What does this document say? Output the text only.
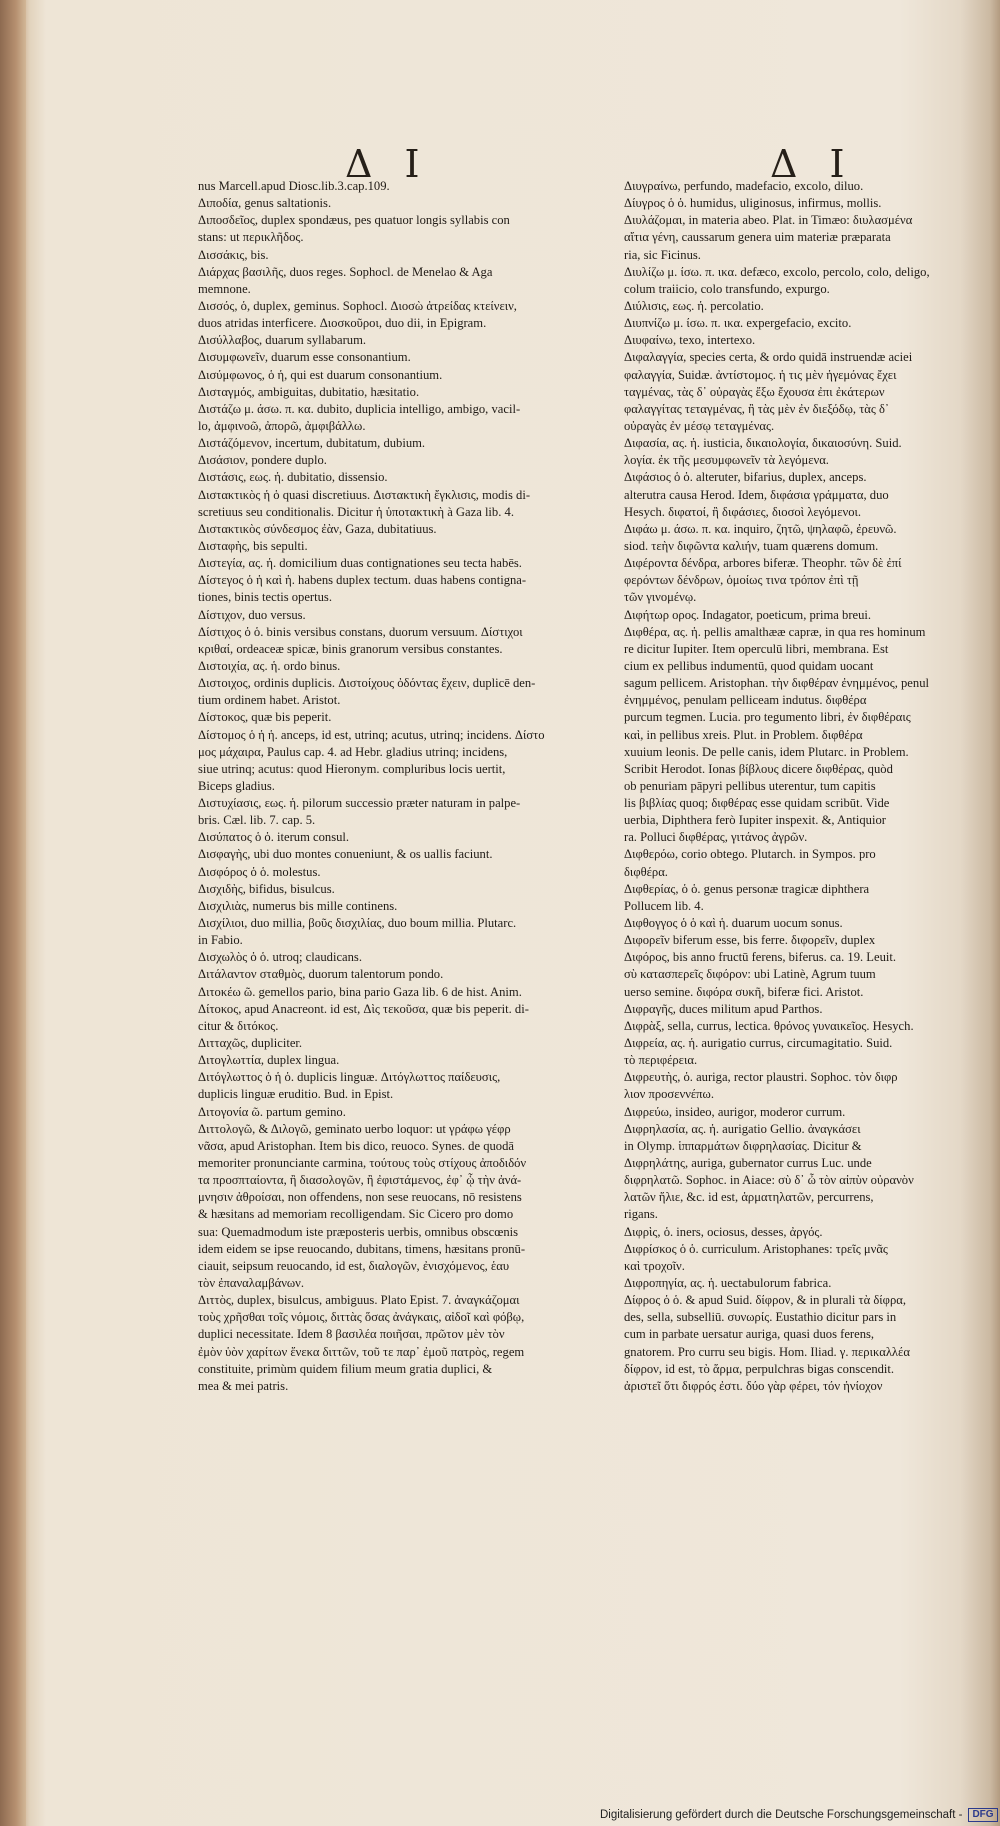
Δ Ι	Δ Ι
nus Marcell.apud Diosc.lib.3.cap.109.
Διποδία, genus saltationis.
Διποσδεῖος, duplex spondæus, pes quatuor longis syllabis con
stans: ut περικλῆδος.
Δισσάκις, bis.
Διάρχας βασιλῆς, duos reges. Sophocl. de Menelao & Aga
memnone.
Δισσός, ὁ, duplex, geminus. Sophocl. Διοσὼ ἀτρείδας κτείνειν,
duos atridas interficere. Διοσκοῦροι, duo dii, in Epigram.
Δισύλλαβος, duarum syllabarum.
Δισυμφωνεῖν, duarum esse consonantium.
Δισύμφωνος, ὁ ἡ, qui est duarum consonantium.
Δισταγμός, ambiguitas, dubitatio, hæsitatio.
Διστάζω μ. άσω. π. κα. dubito, duplicia intelligo, ambigo, vacil-
lo, ἀμφινοῶ, ἀπορῶ, ἀμφιβάλλω.
Διστάζόμενον, incertum, dubitatum, dubium.
Δισάσιον, pondere duplo.
Διστάσις, εως. ἡ. dubitatio, dissensio.
Διστακτικὸς ἡ ὁ quasi discretiuus. Διστακτικὴ ἔγκλισις, modis di-
scretiuus seu conditionalis. Dicitur ἡ ὑποτακτικὴ à Gaza lib. 4.
Διστακτικὸς σύνδεσμος ἐὰν, Gaza, dubitatiuus.
Δισταφὴς, bis sepulti.
Διστεγία, ας. ἡ. domicilium duas contignationes seu tecta habēs.
Δίστεγος ὁ ἡ καὶ ἡ. habens duplex tectum. duas habens contigna-
tiones, binis tectis opertus.
Δίστιχον, duo versus.
Δίστιχος ὁ ὁ. binis versibus constans, duorum versuum. Δίστιχοι
κριθαί, ordeaceæ spicæ, binis granorum versibus constantes.
Διστοιχία, ας. ἡ. ordo binus.
Διστοιχος, ordinis duplicis. Διστοίχους ὀδόντας ἔχειν, duplicē den-
tium ordinem habet. Aristot.
Δίστοκος, quæ bis peperit.
Δίστομος ὁ ἡ ἡ. anceps, id est, utrinq; acutus, utrinq; incidens. Δίστο
μος μάχαιρα, Paulus cap. 4. ad Hebr. gladius utrinq; incidens,
siue utrinq; acutus: quod Hieronym. compluribus locis uertit,
Biceps gladius.
Διστυχίασις, εως. ἡ. pilorum successio præter naturam in palpe-
bris. Cæl. lib. 7. cap. 5.
Δισύπατος ὁ ὁ. iterum consul.
Δισφαγὴς, ubi duo montes conueniunt, & os uallis faciunt.
Δισφόρος ὁ ὁ. molestus.
Δισχιδὴς, bifidus, bisulcus.
Δισχιλιὰς, numerus bis mille continens.
Δισχίλιοι, duo millia, βοῦς δισχιλίας, duo boum millia. Plutarc.
in Fabio.
Δισχωλὸς ὁ ὁ. utroq; claudicans.
Διτάλαντον σταθμὸς, duorum talentorum pondo.
Διτοκέω ῶ. gemellos pario, bina pario Gaza lib. 6 de hist. Anim.
Δίτοκος, apud Anacreont. id est, Δὶς τεκοῦσα, quæ bis peperit. di-
citur & διτόκος.
Διτταχῶς, dupliciter.
Διτογλωττία, duplex lingua.
Διτόγλωττος ὁ ἡ ὁ. duplicis linguæ. Διτόγλωττος παίδευσις,
duplicis linguæ eruditio. Bud. in Epist.
Διτογονία ῶ. partum gemino.
Διττολογῶ, & Διλογῶ, geminato uerbo loquor: ut γράφω γέφρ
νᾶσα, apud Aristophan. Item bis dico, reuoco. Synes. de quodā
memoriter pronunciante carmina, τούτους τοὺς στίχους ἀποδιδόν
τα προσπταίοντα, ἢ διασολογῶν, ἢ ἐφιστάμενος, ἐφ᾽ ᾧ τὴν ἀνά-
μνησιν ἀθροίσαι, non offendens, non sese reuocans, nō resistens
& hæsitans ad memoriam recolligendam. Sic Cicero pro domo
sua: Quemadmodum iste præposteris uerbis, omnibus obscœnis
idem eidem se ipse reuocando, dubitans, timens, hæsitans pronū-
ciauit, seipsum reuocando, id est, διαλογῶν, ἐνισχόμενος, ἑαυ
τὸν ἐπαναλαμβάνων.
Διττὸς, duplex, bisulcus, ambiguus. Plato Epist. 7. ἀναγκάζομαι
τοὺς χρῆσθαι τοῖς νόμοις, διττὰς ὅσας ἀνάγκαις, αἰδοῖ καὶ φόβῳ,
duplici necessitate. Idem 8 βασιλέα ποιῆσαι, πρῶτον μὲν τὸν
ἐμὸν ὑὸν χαρίτων ἕνεκα διττῶν, τοῦ τε παρ᾽ ἐμοῦ πατρὸς, regem
constituite, primùm quidem filium meum gratia duplici, &
mea & mei patris.
Διυγραίνω, perfundo, madefacio, excolo, diluo.
Δίυγρος ὁ ὁ. humidus, uliginosus, infirmus, mollis.
Διυλάζομαι, in materia abeo. Plat. in Timæo: διυλασμένα
αἴτια γένη, caussarum genera uim materiæ præparata
ria, sic Ficinus.
Διυλίζω μ. ίσω. π. ικα. defæco, excolo, percolo, colo, deligo,
colum traiicio, colo transfundo, expurgo.
Διύλισις, εως. ἡ. percolatio.
Διυπνίζω μ. ίσω. π. ικα. expergefacio, excito.
Διυφαίνω, texo, intertexo.
Διφαλαγγία, species certa, & ordo quidā instruendæ aciei
φαλαγγία, Suidæ. ἀντίστομος. ἡ τις μὲν ἡγεμόνας ἔχει
ταγμένας, τὰς δ᾽ οὐραγὰς ἔξω ἔχουσα ἐπι ἐκάτερων
φαλαγγίτας τεταγμένας, ἢ τὰς μὲν ἐν διεξόδῳ, τὰς δ᾽
οὐραγὰς ἐν μέσῳ τεταγμένας.
Διφασία, ας. ἡ. iusticia, δικαιολογία, δικαιοσύνη. Suid.
λογία. ἐκ τῆς μεσυμφωνεῖν τὰ λεγόμενα.
Διφάσιος ὁ ὁ. alteruter, bifarius, duplex, anceps.
alterutra causa Herod. Idem, διφάσια γράμματα, duo
Hesych. διφατοί, ἢ διφάσιες, διοσοὶ λεγόμενοι.
Διφάω μ. άσω. π. κα. inquiro, ζητῶ, ψηλαφῶ, ἐρευνῶ.
siod. τεὴν διφῶντα καλιήν, tuam quærens domum.
Διφέροντα δένδρα, arbores biferæ. Theophr. τῶν δὲ ἐπί
φερόντων δένδρων, ὁμοίως τινα τρόπον ἐπὶ τῇ
τῶν γινομένῳ.
Διφήτωρ ορος. Indagator, poeticum, prima breui.
Διφθέρα, ας. ἡ. pellis amalthææ capræ, in qua res hominum
re dicitur Iupiter. Item operculū libri, membrana. Est
cium ex pellibus indumentū, quod quidam uocant
sagum pellicem. Aristophan. τὴν διφθέραν ἐνημμένος, penul
ἐνημμένος, penulam pelliceam indutus. διφθέρα
purcum tegmen. Lucia. pro tegumento libri, ἐν διφθέραις
καὶ, in pellibus xreis. Plut. in Problem. διφθέρα
xuuium leonis. De pelle canis, idem Plutarc. in Problem.
Scribit Herodot. Ionas βίβλους dicere διφθέρας, quòd
ob penuriam pāpyri pellibus uterentur, tum capitis
lis βιβλίας quoq; διφθέρας esse quidam scribūt. Vide
uerbia, Diphthera ferò Iupiter inspexit. &, Antiquior
ra. Polluci διφθέρας, γιτάνος ἀγρῶν.
Διφθερόω, corio obtego. Plutarch. in Sympos. pro
διφθέρα.
Διφθερίας, ὁ ὁ. genus personæ tragicæ diphthera
Pollucem lib. 4.
Διφθογγος ὁ ὁ καὶ ἡ. duarum uocum sonus.
Διφορεῖν biferum esse, bis ferre. διφορεῖν, duplex
Διφόρος, bis anno fructū ferens, biferus. ca. 19. Leuit.
σὺ κατασπερεῖς διφόρον: ubi Latinè, Agrum tuum
uerso semine. διφόρα συκῆ, biferæ fici. Aristot.
Διφραγῆς, duces militum apud Parthos.
Διφρὰξ, sella, currus, lectica. θρόνος γυναικεῖος. Hesych.
Διφρεία, ας. ἡ. aurigatio currus, circumagitatio. Suid.
τὸ περιφέρεια.
Διφρευτὴς, ὁ. auriga, rector plaustri. Sophoc. τὸν διφρ
λιον προσεννέπω.
Διφρεύω, insideo, aurigor, moderor currum.
Διφρηλασία, ας. ἡ. aurigatio Gellio. ἀναγκάσει
in Olymp. ἱππαρμάτων διφρηλασίας. Dicitur &
Διφρηλάτης, auriga, gubernator currus Luc. unde
διφρηλατῶ. Sophoc. in Aiace: σὺ δ᾽ ὦ τὸν αἰπὺν οὐρανὸν
λατῶν ἥλιε, &c. id est, ἁρματηλατῶν, percurrens,
rigans.
Διφρὶς, ὁ. iners, ociosus, desses, ἀργός.
Διφρίσκος ὁ ὁ. curriculum. Aristophanes: τρεῖς μνᾶς
καὶ τροχοῖν.
Διφροπηγία, ας. ἡ. uectabulorum fabrica.
Δίφρος ὁ ὁ. & apud Suid. δίφρον, & in plurali τὰ δίφρα,
des, sella, subselliū. συνωρίς. Eustathio dicitur pars in
cum in parbate uersatur auriga, quasi duos ferens,
gnatorem. Pro curru seu bigis. Hom. Iliad. γ. περικαλλέα
δίφρον, id est, τὸ ἅρμα, perpulchras bigas conscendit.
ἀριστεῖ ὅτι διφρός ἐστι. δύο γὰρ φέρει, τόν ἡνίοχον
Digitalisierung gefördert durch die Deutsche Forschungsgemeinschaft -	DFG
